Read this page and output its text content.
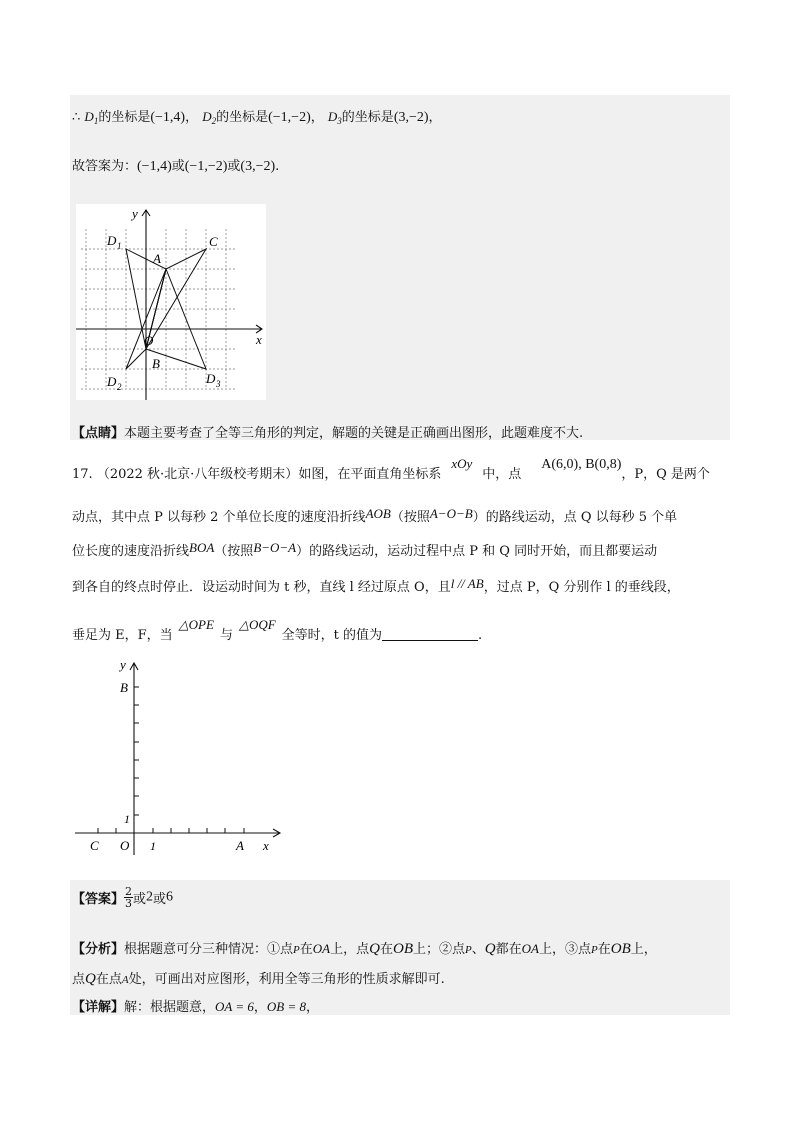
∴ $D_1$的坐标是(−1,4)， $D_2$的坐标是(−1,−2)， $D_3$的坐标是(3,−2)，
故答案为：(−1,4)或(−1,−2)或(3,−2).
y
x
D 1	C
A
O
B
D 2
D 3
【点睛】本题主要考查了全等三角形的判定，解题的关键是正确画出图形，此题难度不大.
17. （2022 秋·北京·八年级校考期末）如图，在平面直角坐标系xOy中，点A(6,0), B(0,8)，P，Q 是两个
动点，其中点 P 以每秒 2 个单位长度的速度沿折线AOB（按照A−O−B）的路线运动，点 Q 以每秒 5 个单
位长度的速度沿折线BOA（按照B−O−A）的路线运动，运动过程中点 P 和 Q 同时开始，而且都要运动
到各自的终点时停止．设运动时间为 t 秒，直线 l 经过原点 O，且l // AB，过点 P，Q 分别作 l 的垂线段，
垂足为 E，F，当△OPE与△OQF全等时，t 的值为	.
y
B
1
C O 1	A x
【答案】 $\frac{2}{3}$ 或2或6
【分析】根据题意可分三种情况：①点P在OA上，点Q在OB上；②点P、Q都在OA上，③点P在OB上，
点Q在点A处，可画出对应图形，利用全等三角形的性质求解即可.
【详解】解：根据题意，OA = 6，OB = 8，
